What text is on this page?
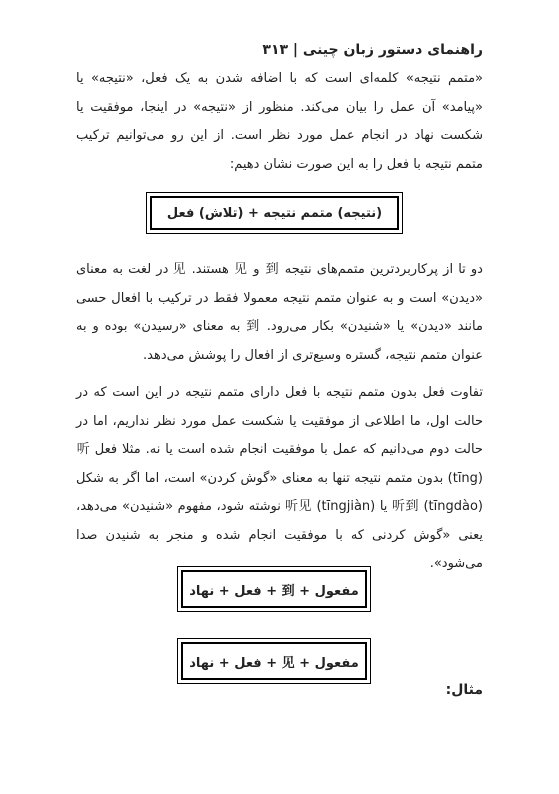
راهنمای دستور زبان چینی | ۳۱۳
«متمم نتیجه» کلمه‌ای است که با اضافه شدن به یک فعل، «نتیجه» یا «پیامد» آن عمل را بیان می‌کند. منظور از «نتیجه» در اینجا، موفقیت یا شکست نهاد در انجام عمل مورد نظر است. از این رو می‌توانیم ترکیب متمم نتیجه با فعل را به این صورت نشان دهیم:
(نتیجه) متمم نتیجه + (تلاش) فعل
دو تا از پرکاربردترین متمم‌های نتیجه 到 و 见 هستند. 见 در لغت به معنای «دیدن» است و به عنوان متمم نتیجه معمولا فقط در ترکیب با افعال حسی مانند «دیدن» یا «شنیدن» بکار می‌رود. 到 به معنای «رسیدن» بوده و به عنوان متمم نتیجه، گستره وسیع‌تری از افعال را پوشش می‌دهد.
تفاوت فعل بدون متمم نتیجه با فعل دارای متمم نتیجه در این است که در حالت اول، ما اطلاعی از موفقیت یا شکست عمل مورد نظر نداریم، اما در حالت دوم می‌دانیم که عمل با موفقیت انجام شده است یا نه. مثلا فعل 听 (tīng) بدون متمم نتیجه تنها به معنای «گوش کردن» است، اما اگر به شکل 听到 (tīngdào) یا 听见 (tīngjiàn) نوشته شود، مفهوم «شنیدن» می‌دهد، یعنی «گوش کردنی که با موفقیت انجام شده و منجر به شنیدن صدا می‌شود».
مفعول + 到 + فعل + نهاد
مفعول + 见 + فعل + نهاد
مثال:
